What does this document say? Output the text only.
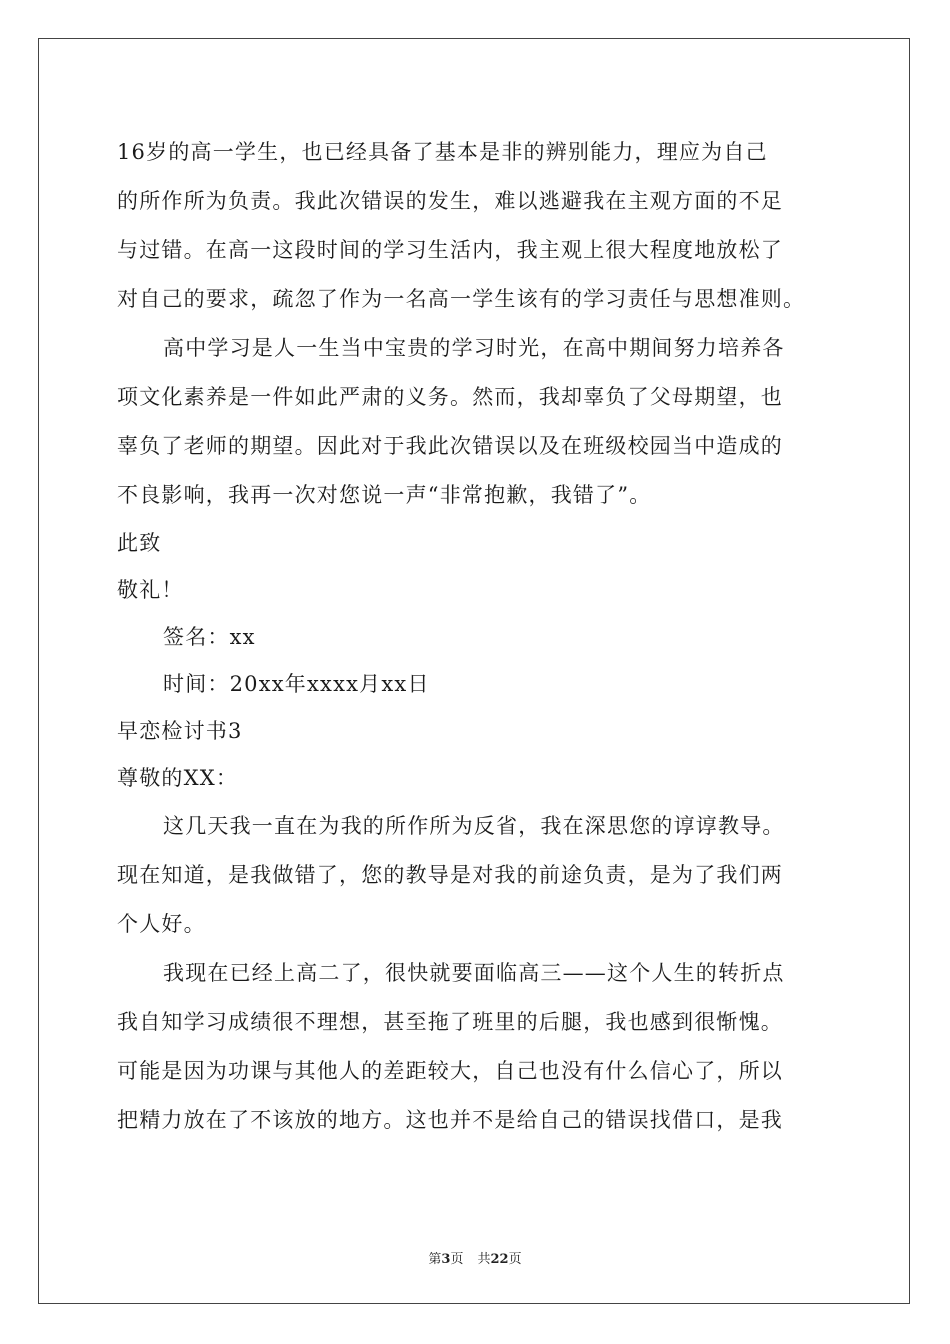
16岁的高一学生，也已经具备了基本是非的辨别能力，理应为自己
的所作所为负责。我此次错误的发生，难以逃避我在主观方面的不足
与过错。在高一这段时间的学习生活内，我主观上很大程度地放松了
对自己的要求，疏忽了作为一名高一学生该有的学习责任与思想准则。
高中学习是人一生当中宝贵的学习时光，在高中期间努力培养各
项文化素养是一件如此严肃的义务。然而，我却辜负了父母期望，也
辜负了老师的期望。因此对于我此次错误以及在班级校园当中造成的
不良影响，我再一次对您说一声“非常抱歉，我错了”。
此致
敬礼！
签名：xx
时间：20xx年xxxx月xx日
早恋检讨书3
尊敬的XX：
这几天我一直在为我的所作所为反省，我在深思您的谆谆教导。
现在知道，是我做错了，您的教导是对我的前途负责，是为了我们两
个人好。
我现在已经上高二了，很快就要面临高三——这个人生的转折点
我自知学习成绩很不理想，甚至拖了班里的后腿，我也感到很惭愧。
可能是因为功课与其他人的差距较大，自己也没有什么信心了，所以
把精力放在了不该放的地方。这也并不是给自己的错误找借口，是我
第3页 共22页
